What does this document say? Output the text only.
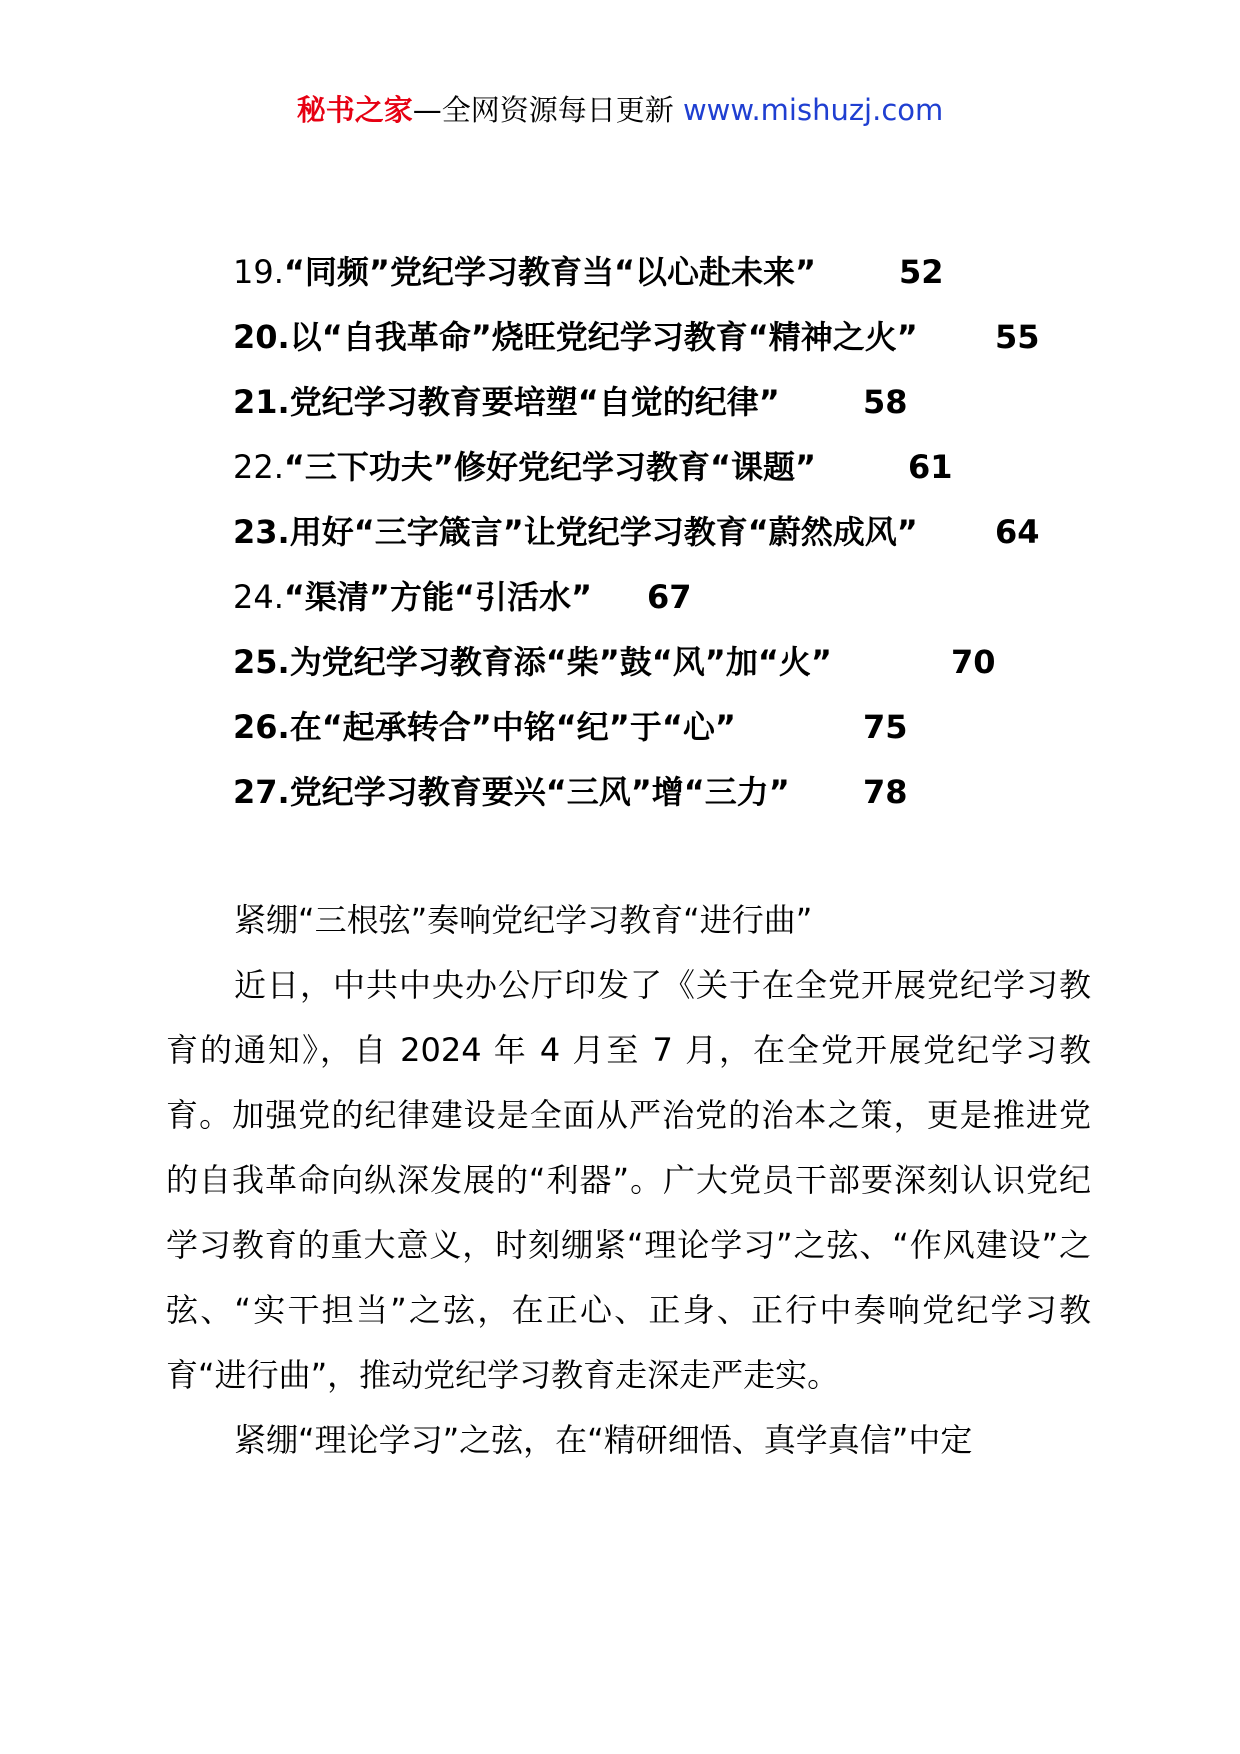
秘书之家—全网资源每日更新 www.mishuzj.com
19.“同频”党纪学习教育当“以心赴未来”	52
20.以“自我革命”烧旺党纪学习教育“精神之火” 55
21.党纪学习教育要培塑“自觉的纪律”	58
22.“三下功夫”修好党纪学习教育“课题”	61
23.用好“三字箴言”让党纪学习教育“蔚然成风” 64
24.“渠清”方能“引活水” 67
25.为党纪学习教育添“柴”鼓“风”加“火”	70
26.在“起承转合”中铭“纪”于“心”	75
27.党纪学习教育要兴“三风”增“三力” 78

紧绷“三根弦”奏响党纪学习教育“进行曲”

近日，中共中央办公厅印发了《关于在全党开展党纪学习教育的通知》，自 2024 年 4 月至 7 月，在全党开展党纪学习教育。加强党的纪律建设是全面从严治党的治本之策，更是推进党的自我革命向纵深发展的“利器”。广大党员干部要深刻认识党纪学习教育的重大意义，时刻绷紧“理论学习”之弦、“作风建设”之弦、“实干担当”之弦，在正心、正身、正行中奏响党纪学习教育“进行曲”，推动党纪学习教育走深走严走实。

紧绷“理论学习”之弦，在“精研细悟、真学真信”中定
